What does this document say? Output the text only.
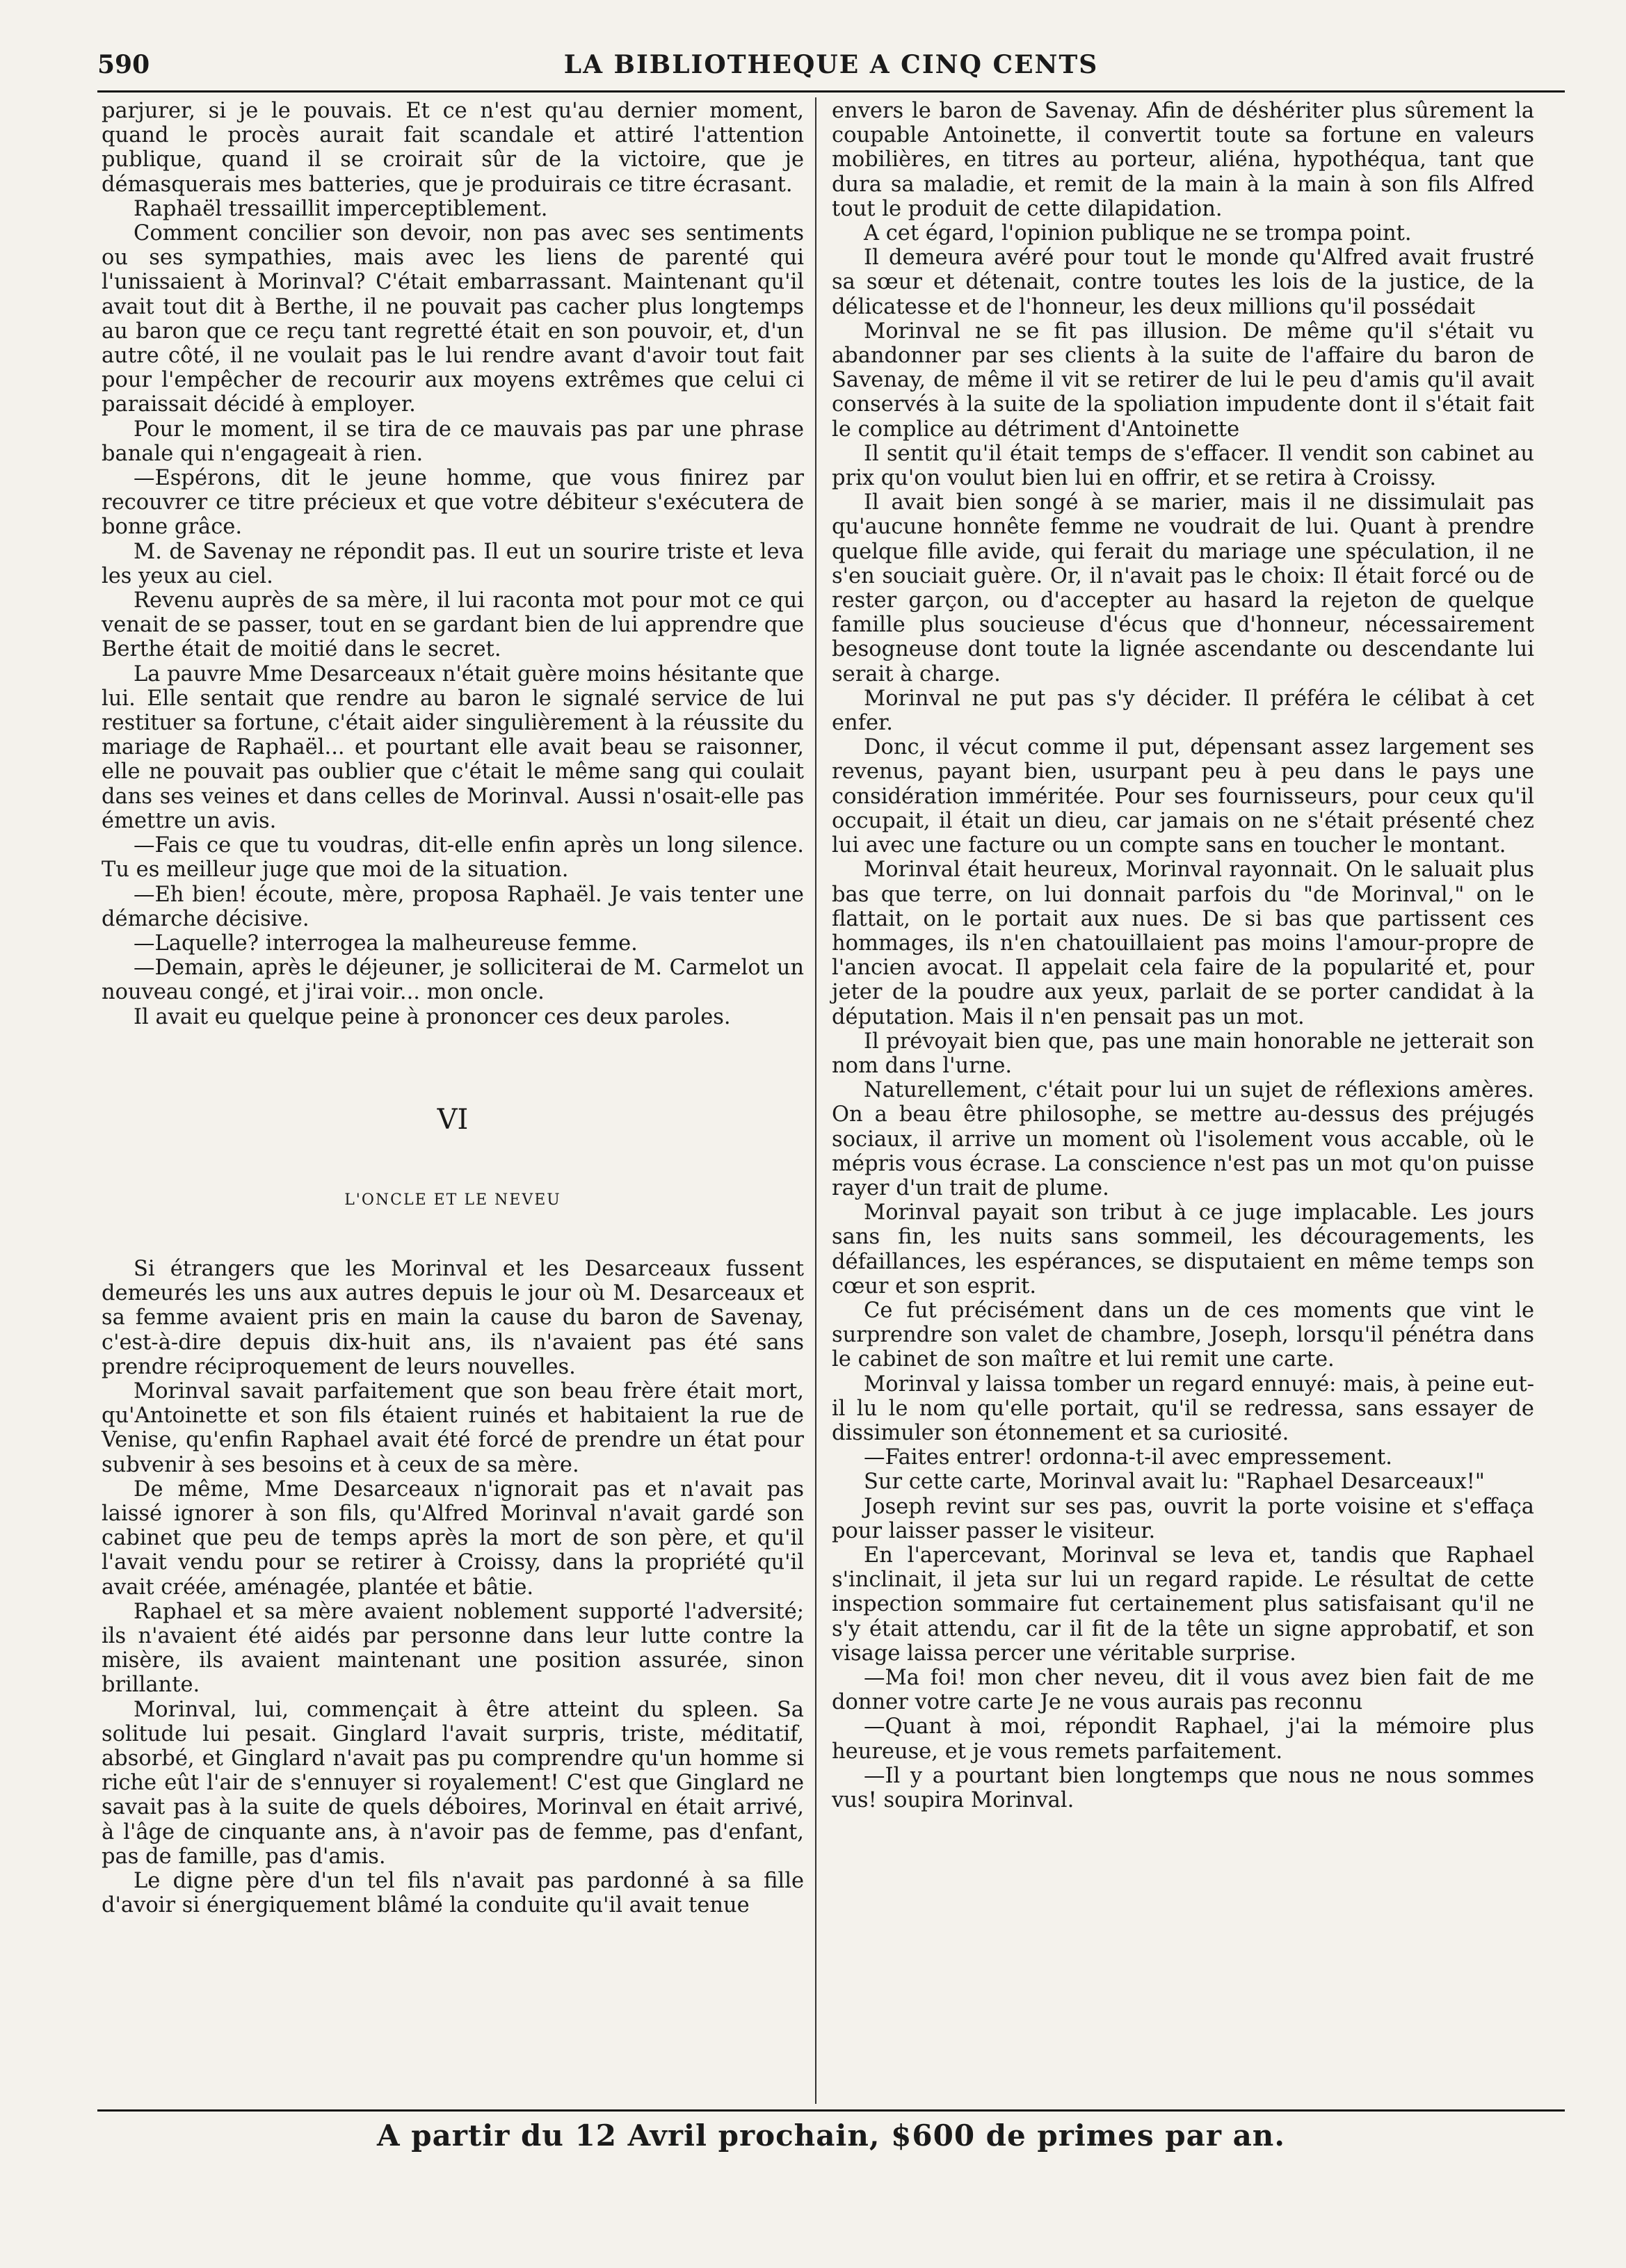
590	LA BIBLIOTHEQUE A CINQ CENTS

parjurer, si je le pouvais. Et ce n'est qu'au dernier moment, quand le procès aurait fait scandale et attiré l'attention publique, quand il se croirait sûr de la victoire, que je démasquerais mes batteries, que je produirais ce titre écrasant.

Raphaël tressaillit imperceptiblement.

Comment concilier son devoir, non pas avec ses sentiments ou ses sympathies, mais avec les liens de parenté qui l'unissaient à Morinval? C'était embarrassant. Maintenant qu'il avait tout dit à Berthe, il ne pouvait pas cacher plus longtemps au baron que ce reçu tant regretté était en son pouvoir, et, d'un autre côté, il ne voulait pas le lui rendre avant d'avoir tout fait pour l'empêcher de recourir aux moyens extrêmes que celui ci paraissait décidé à employer.

Pour le moment, il se tira de ce mauvais pas par une phrase banale qui n'engageait à rien.

—Espérons, dit le jeune homme, que vous finirez par recouvrer ce titre précieux et que votre débiteur s'exécutera de bonne grâce.

M. de Savenay ne répondit pas. Il eut un sourire triste et leva les yeux au ciel.

Revenu auprès de sa mère, il lui raconta mot pour mot ce qui venait de se passer, tout en se gardant bien de lui apprendre que Berthe était de moitié dans le secret.

La pauvre Mme Desarceaux n'était guère moins hésitante que lui. Elle sentait que rendre au baron le signalé service de lui restituer sa fortune, c'était aider singulièrement à la réussite du mariage de Raphaël... et pourtant elle avait beau se raisonner, elle ne pouvait pas oublier que c'était le même sang qui coulait dans ses veines et dans celles de Morinval. Aussi n'osait-elle pas émettre un avis.

—Fais ce que tu voudras, dit-elle enfin après un long silence. Tu es meilleur juge que moi de la situation.

—Eh bien! écoute, mère, proposa Raphaël. Je vais tenter une démarche décisive.

—Laquelle? interrogea la malheureuse femme.

—Demain, après le déjeuner, je solliciterai de M. Carmelot un nouveau congé, et j'irai voir... mon oncle.

Il avait eu quelque peine à prononcer ces deux paroles.

VI

L'ONCLE ET LE NEVEU

Si étrangers que les Morinval et les Desarceaux fussent demeurés les uns aux autres depuis le jour où M. Desarceaux et sa femme avaient pris en main la cause du baron de Savenay, c'est-à-dire depuis dix-huit ans, ils n'avaient pas été sans prendre réciproquement de leurs nouvelles.

Morinval savait parfaitement que son beau frère était mort, qu'Antoinette et son fils étaient ruinés et habitaient la rue de Venise, qu'enfin Raphael avait été forcé de prendre un état pour subvenir à ses besoins et à ceux de sa mère.

De même, Mme Desarceaux n'ignorait pas et n'avait pas laissé ignorer à son fils, qu'Alfred Morinval n'avait gardé son cabinet que peu de temps après la mort de son père, et qu'il l'avait vendu pour se retirer à Croissy, dans la propriété qu'il avait créée, aménagée, plantée et bâtie.

Raphael et sa mère avaient noblement supporté l'adversité; ils n'avaient été aidés par personne dans leur lutte contre la misère, ils avaient maintenant une position assurée, sinon brillante.

Morinval, lui, commençait à être atteint du spleen. Sa solitude lui pesait. Ginglard l'avait surpris, triste, méditatif, absorbé, et Ginglard n'avait pas pu comprendre qu'un homme si riche eût l'air de s'ennuyer si royalement! C'est que Ginglard ne savait pas à la suite de quels déboires, Morinval en était arrivé, à l'âge de cinquante ans, à n'avoir pas de femme, pas d'enfant, pas de famille, pas d'amis.

Le digne père d'un tel fils n'avait pas pardonné à sa fille d'avoir si énergiquement blâmé la conduite qu'il avait tenue

envers le baron de Savenay. Afin de déshériter plus sûrement la coupable Antoinette, il convertit toute sa fortune en valeurs mobilières, en titres au porteur, aliéna, hypothéqua, tant que dura sa maladie, et remit de la main à la main à son fils Alfred tout le produit de cette dilapidation.

A cet égard, l'opinion publique ne se trompa point.

Il demeura avéré pour tout le monde qu'Alfred avait frustré sa sœur et détenait, contre toutes les lois de la justice, de la délicatesse et de l'honneur, les deux millions qu'il possédait

Morinval ne se fit pas illusion. De même qu'il s'était vu abandonner par ses clients à la suite de l'affaire du baron de Savenay, de même il vit se retirer de lui le peu d'amis qu'il avait conservés à la suite de la spoliation impudente dont il s'était fait le complice au détriment d'Antoinette

Il sentit qu'il était temps de s'effacer. Il vendit son cabinet au prix qu'on voulut bien lui en offrir, et se retira à Croissy.

Il avait bien songé à se marier, mais il ne dissimulait pas qu'aucune honnête femme ne voudrait de lui. Quant à prendre quelque fille avide, qui ferait du mariage une spéculation, il ne s'en souciait guère. Or, il n'avait pas le choix: Il était forcé ou de rester garçon, ou d'accepter au hasard la rejeton de quelque famille plus soucieuse d'écus que d'honneur, nécessairement besogneuse dont toute la lignée ascendante ou descendante lui serait à charge.

Morinval ne put pas s'y décider. Il préféra le célibat à cet enfer.

Donc, il vécut comme il put, dépensant assez largement ses revenus, payant bien, usurpant peu à peu dans le pays une considération imméritée. Pour ses fournisseurs, pour ceux qu'il occupait, il était un dieu, car jamais on ne s'était présenté chez lui avec une facture ou un compte sans en toucher le montant.

Morinval était heureux, Morinval rayonnait. On le saluait plus bas que terre, on lui donnait parfois du "de Morinval," on le flattait, on le portait aux nues. De si bas que partissent ces hommages, ils n'en chatouillaient pas moins l'amour-propre de l'ancien avocat. Il appelait cela faire de la popularité et, pour jeter de la poudre aux yeux, parlait de se porter candidat à la députation. Mais il n'en pensait pas un mot.

Il prévoyait bien que, pas une main honorable ne jetterait son nom dans l'urne.

Naturellement, c'était pour lui un sujet de réflexions amères. On a beau être philosophe, se mettre au-dessus des préjugés sociaux, il arrive un moment où l'isolement vous accable, où le mépris vous écrase. La conscience n'est pas un mot qu'on puisse rayer d'un trait de plume.

Morinval payait son tribut à ce juge implacable. Les jours sans fin, les nuits sans sommeil, les découragements, les défaillances, les espérances, se disputaient en même temps son cœur et son esprit.

Ce fut précisément dans un de ces moments que vint le surprendre son valet de chambre, Joseph, lorsqu'il pénétra dans le cabinet de son maître et lui remit une carte.

Morinval y laissa tomber un regard ennuyé: mais, à peine eut-il lu le nom qu'elle portait, qu'il se redressa, sans essayer de dissimuler son étonnement et sa curiosité.

—Faites entrer! ordonna-t-il avec empressement.

Sur cette carte, Morinval avait lu: "Raphael Desarceaux!"

Joseph revint sur ses pas, ouvrit la porte voisine et s'effaça pour laisser passer le visiteur.

En l'apercevant, Morinval se leva et, tandis que Raphael s'inclinait, il jeta sur lui un regard rapide. Le résultat de cette inspection sommaire fut certainement plus satisfaisant qu'il ne s'y était attendu, car il fit de la tête un signe approbatif, et son visage laissa percer une véritable surprise.

—Ma foi! mon cher neveu, dit il vous avez bien fait de me donner votre carte Je ne vous aurais pas reconnu

—Quant à moi, répondit Raphael, j'ai la mémoire plus heureuse, et je vous remets parfaitement.

—Il y a pourtant bien longtemps que nous ne nous sommes vus! soupira Morinval.

A partir du 12 Avril prochain, $600 de primes par an.
